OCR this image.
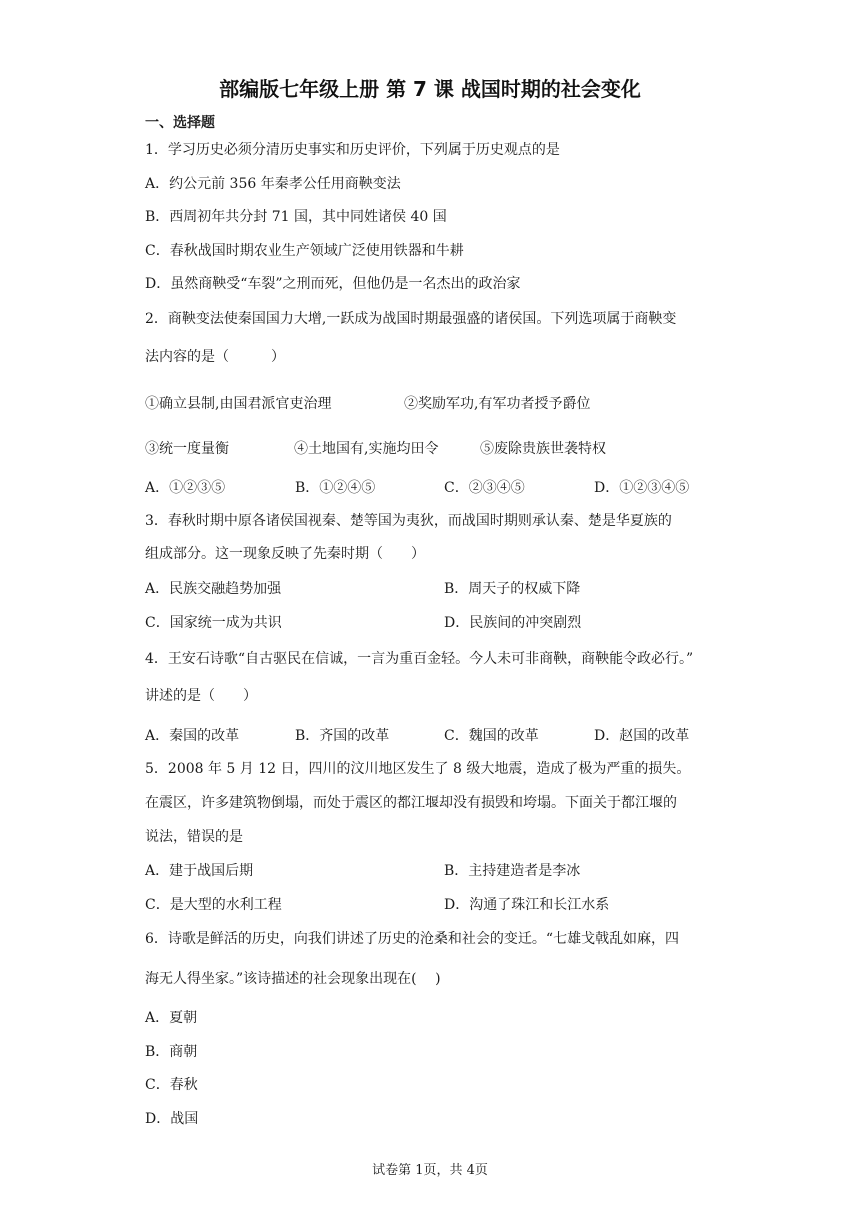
部编版七年级上册 第 7 课 战国时期的社会变化
一、选择题
1．学习历史必须分清历史事实和历史评价，下列属于历史观点的是
A．约公元前 356 年秦孝公任用商鞅变法
B．西周初年共分封 71 国，其中同姓诸侯 40 国
C．春秋战国时期农业生产领域广泛使用铁器和牛耕
D．虽然商鞅受“车裂”之刑而死，但他仍是一名杰出的政治家
2．商鞅变法使秦国国力大增,一跃成为战国时期最强盛的诸侯国。下列选项属于商鞅变
法内容的是（　　　）
①确立县制,由国君派官吏治理	②奖励军功,有军功者授予爵位
③统一度量衡	④土地国有,实施均田令	⑤废除贵族世袭特权
A．①②③⑤	B．①②④⑤	C．②③④⑤	D．①②③④⑤
3．春秋时期中原各诸侯国视秦、楚等国为夷狄，而战国时期则承认秦、楚是华夏族的
组成部分。这一现象反映了先秦时期（　　）
A．民族交融趋势加强	B．周天子的权威下降
C．国家统一成为共识	D．民族间的冲突剧烈
4．王安石诗歌“自古驱民在信诚，一言为重百金轻。今人未可非商鞅，商鞅能令政必行。”
讲述的是（　　）
A．秦国的改革	B．齐国的改革	C．魏国的改革	D．赵国的改革
5．2008 年 5 月 12 日，四川的汶川地区发生了 8 级大地震，造成了极为严重的损失。
在震区，许多建筑物倒塌，而处于震区的都江堰却没有损毁和垮塌。下面关于都江堰的
说法，错误的是
A．建于战国后期	B．主持建造者是李冰
C．是大型的水利工程	D．沟通了珠江和长江水系
6．诗歌是鲜活的历史，向我们讲述了历史的沧桑和社会的变迁。“七雄戈戟乱如麻，四
海无人得坐家。”该诗描述的社会现象出现在(　 )
A．夏朝
B．商朝
C．春秋
D．战国
试卷第 1页，共 4页
